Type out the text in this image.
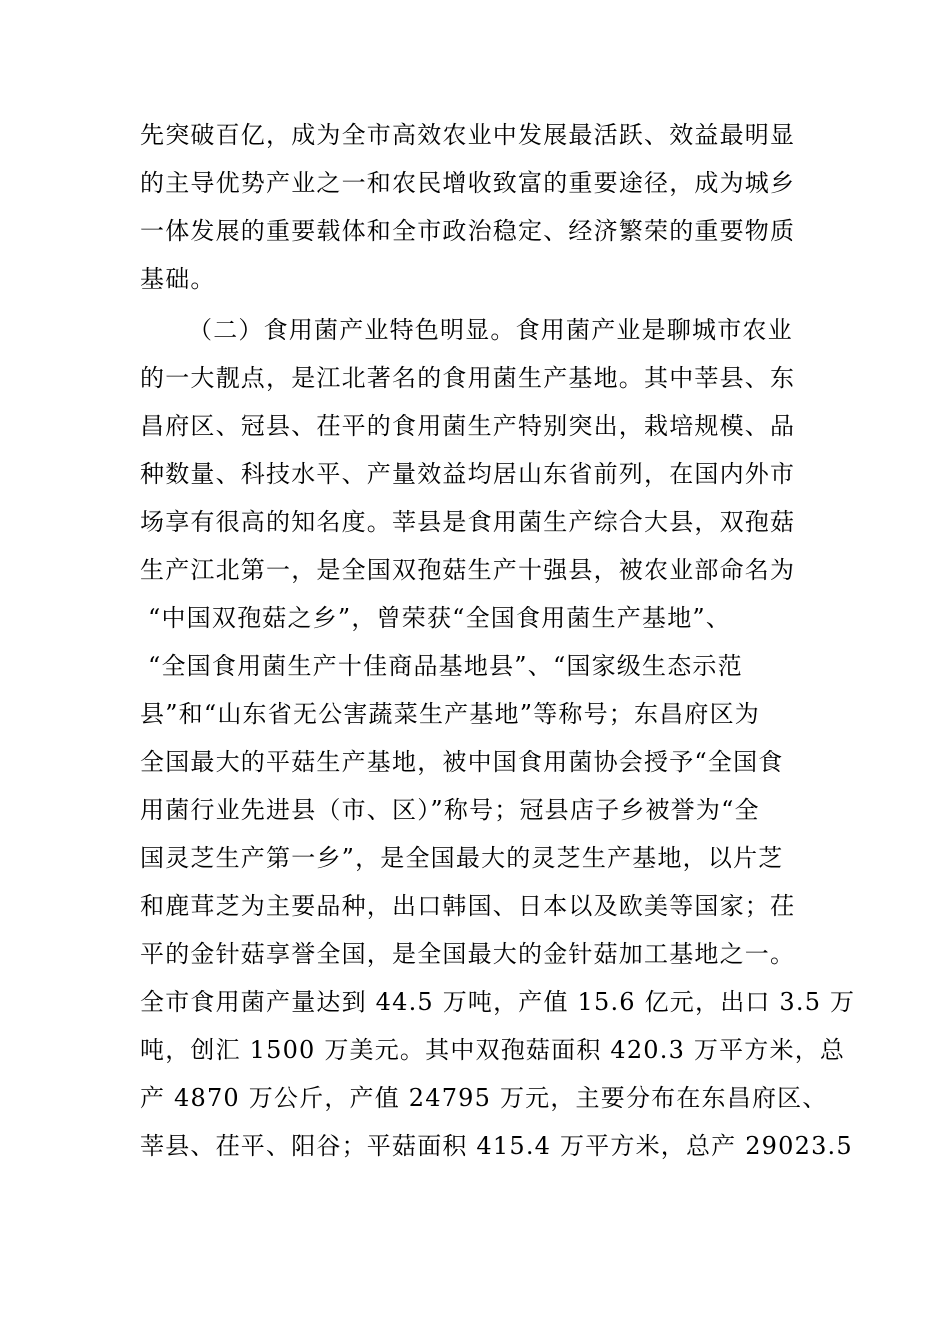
先突破百亿，成为全市高效农业中发展最活跃、效益最明显
的主导优势产业之一和农民增收致富的重要途径，成为城乡
一体发展的重要载体和全市政治稳定、经济繁荣的重要物质
基础。
（二）食用菌产业特色明显。食用菌产业是聊城市农业
的一大靓点，是江北著名的食用菌生产基地。其中莘县、东
昌府区、冠县、茌平的食用菌生产特别突出，栽培规模、品
种数量、科技水平、产量效益均居山东省前列，在国内外市
场享有很高的知名度。莘县是食用菌生产综合大县，双孢菇
生产江北第一，是全国双孢菇生产十强县，被农业部命名为
“中国双孢菇之乡”，曾荣获“全国食用菌生产基地”、
“全国食用菌生产十佳商品基地县”、“国家级生态示范
县”和“山东省无公害蔬菜生产基地”等称号；东昌府区为
全国最大的平菇生产基地，被中国食用菌协会授予“全国食
用菌行业先进县（市、区）”称号；冠县店子乡被誉为“全
国灵芝生产第一乡”，是全国最大的灵芝生产基地，以片芝
和鹿茸芝为主要品种，出口韩国、日本以及欧美等国家；茌
平的金针菇享誉全国，是全国最大的金针菇加工基地之一。
全市食用菌产量达到 44.5 万吨，产值 15.6 亿元，出口 3.5 万
吨，创汇 1500 万美元。其中双孢菇面积 420.3 万平方米，总
产 4870 万公斤，产值 24795 万元，主要分布在东昌府区、
莘县、茌平、阳谷；平菇面积 415.4 万平方米，总产 29023.5
